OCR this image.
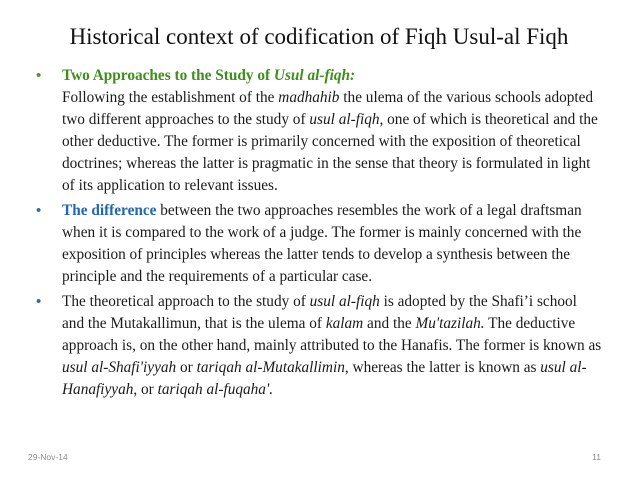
Historical context of codification of Fiqh Usul-al Fiqh
• Two Approaches to the Study of Usul al-fiqh:
Following the establishment of the madhahib the ulema of the various schools adopted two different approaches to the study of usul al-fiqh, one of which is theoretical and the other deductive. The former is primarily concerned with the exposition of theoretical doctrines; whereas the latter is pragmatic in the sense that theory is formulated in light of its application to relevant issues.
• The difference between the two approaches resembles the work of a legal draftsman when it is compared to the work of a judge. The former is mainly concerned with the exposition of principles whereas the latter tends to develop a synthesis between the principle and the requirements of a particular case.
• The theoretical approach to the study of usul al-fiqh is adopted by the Shafi’i school and the Mutakallimun, that is the ulema of kalam and the Mu'tazilah. The deductive approach is, on the other hand, mainly attributed to the Hanafis. The former is known as usul al-Shafi'iyyah or tariqah al-Mutakallimin, whereas the latter is known as usul al-Hanafiyyah, or tariqah al-fuqaha'.
29-Nov-14	11
